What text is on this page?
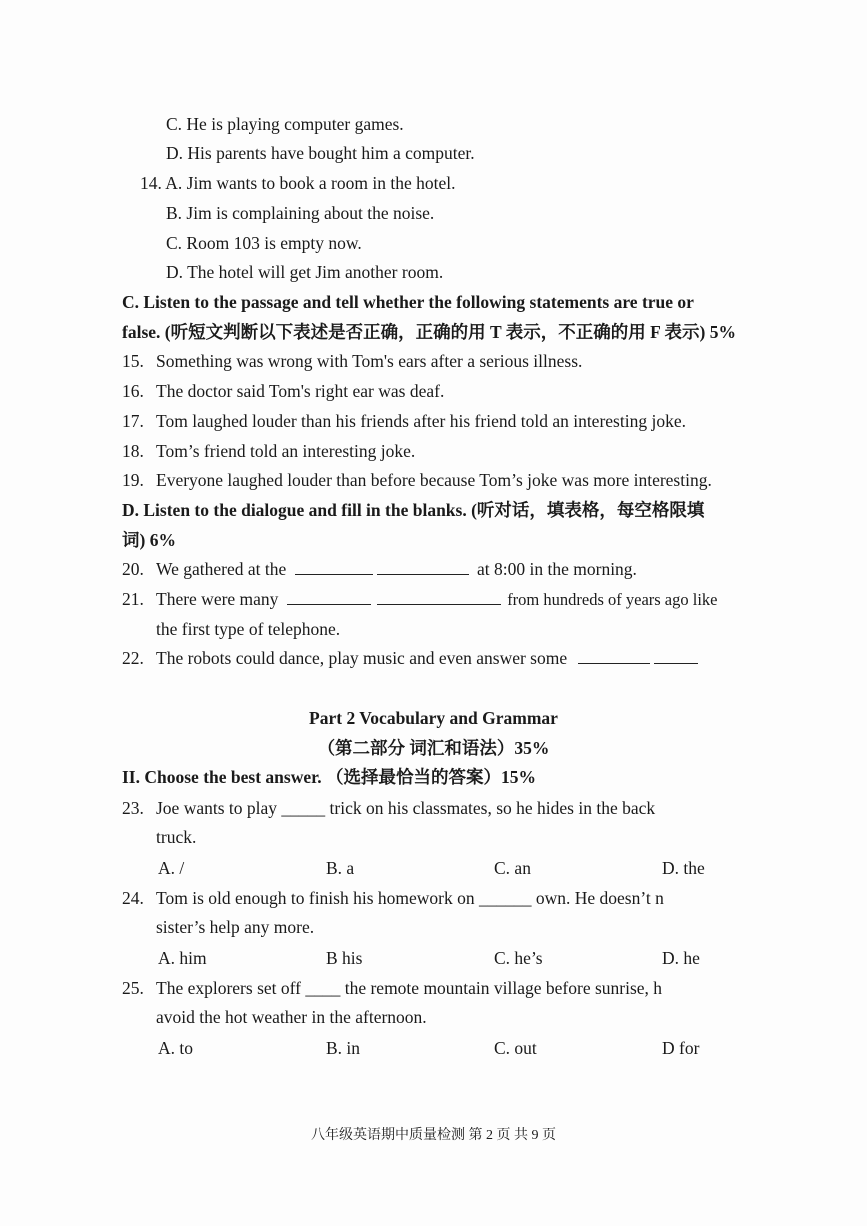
C. He is playing computer games.
D. His parents have bought him a computer.
14. A. Jim wants to book a room in the hotel.
B. Jim is complaining about the noise.
C. Room 103 is empty now.
D. The hotel will get Jim another room.
C. Listen to the passage and tell whether the following statements are true or
false. (听短文判断以下表述是否正确，正确的用 T 表示，不正确的用 F 表示) 5%
15. Something was wrong with Tom's ears after a serious illness.
16. The doctor said Tom's right ear was deaf.
17. Tom laughed louder than his friends after his friend told an interesting joke.
18. Tom’s friend told an interesting joke.
19. Everyone laughed louder than before because Tom’s joke was more interesting.
D. Listen to the dialogue and fill in the blanks. (听对话，填表格，每空格限填
词) 6%
20. We gathered at the	at 8:00 in the morning.
21. There were many	from hundreds of years ago like
the first type of telephone.
22. The robots could dance, play music and even answer some
Part 2 Vocabulary and Grammar
（第二部分 词汇和语法）35%
II. Choose the best answer. （选择最恰当的答案）15%
23. Joe wants to play _____ trick on his classmates, so he hides in the back
truck.
A. /	B. a	C. an	D. the
24. Tom is old enough to finish his homework on ______ own. He doesn’t n
sister’s help any more.
A. him	B his	C. he’s	D. he
25. The explorers set off ____ the remote mountain village before sunrise, h
avoid the hot weather in the afternoon.
A. to	B. in	C. out	D for
八年级英语期中质量检测 第 2 页 共 9 页
